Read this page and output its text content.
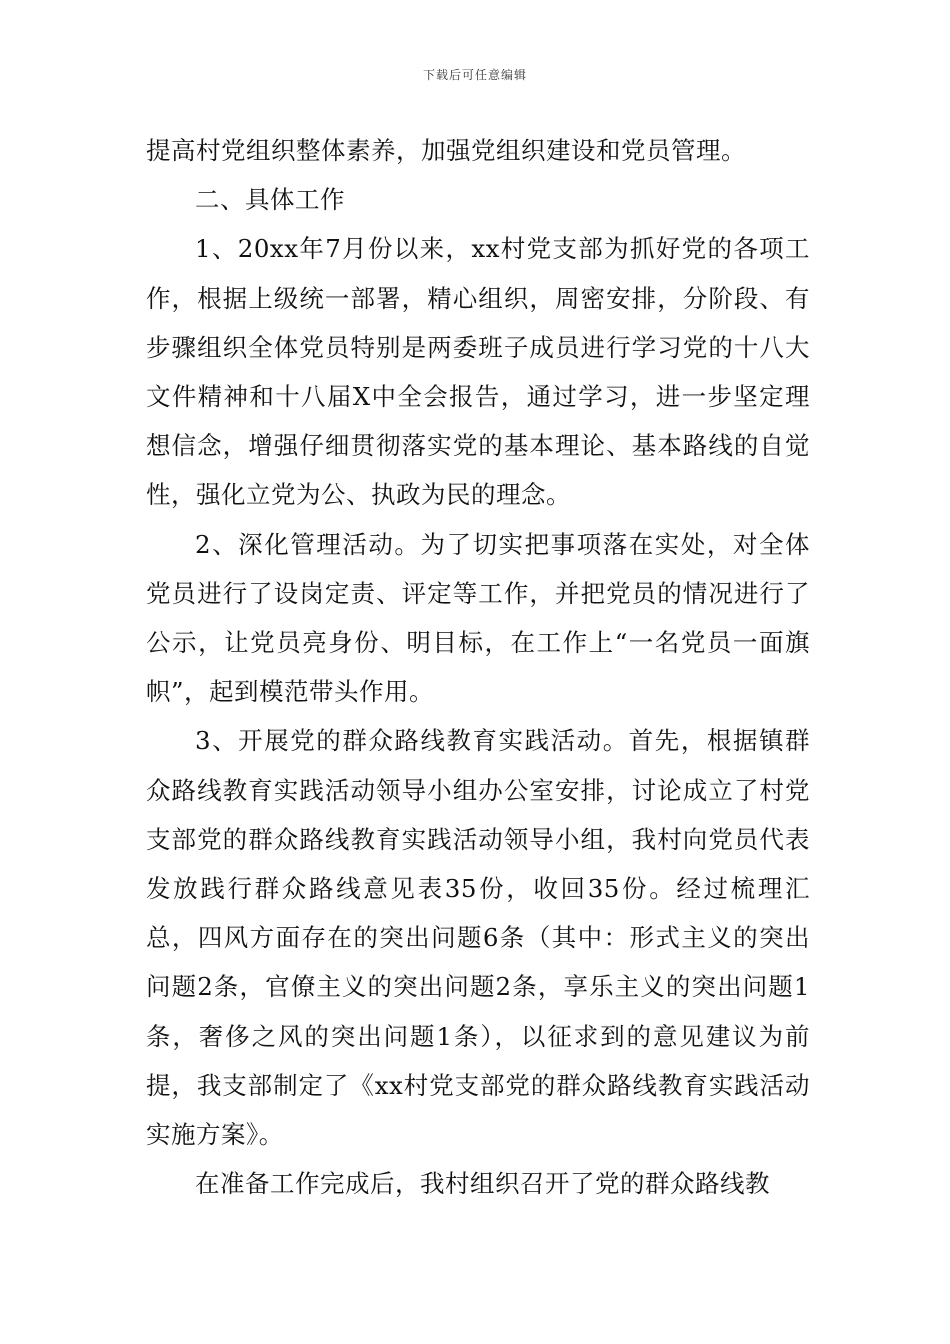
下载后可任意编辑

提高村党组织整体素养，加强党组织建设和党员管理。

二、具体工作

1、20xx年7月份以来，xx村党支部为抓好党的各项工作，根据上级统一部署，精心组织，周密安排，分阶段、有步骤组织全体党员特别是两委班子成员进行学习党的十八大文件精神和十八届X中全会报告，通过学习，进一步坚定理想信念，增强仔细贯彻落实党的基本理论、基本路线的自觉性，强化立党为公、执政为民的理念。

2、深化管理活动。为了切实把事项落在实处，对全体党员进行了设岗定责、评定等工作，并把党员的情况进行了公示，让党员亮身份、明目标，在工作上“一名党员一面旗帜”，起到模范带头作用。

3、开展党的群众路线教育实践活动。首先，根据镇群众路线教育实践活动领导小组办公室安排，讨论成立了村党支部党的群众路线教育实践活动领导小组，我村向党员代表发放践行群众路线意见表35份，收回35份。经过梳理汇总，四风方面存在的突出问题6条（其中：形式主义的突出问题2条，官僚主义的突出问题2条，享乐主义的突出问题1条，奢侈之风的突出问题1条），以征求到的意见建议为前提，我支部制定了《xx村党支部党的群众路线教育实践活动实施方案》。

在准备工作完成后，我村组织召开了党的群众路线教
